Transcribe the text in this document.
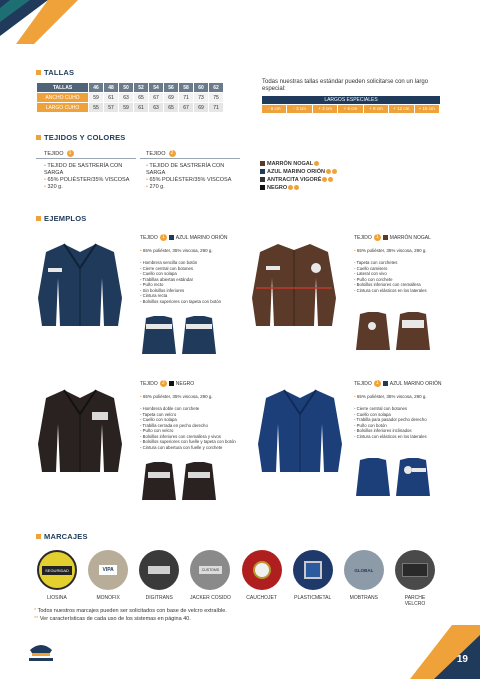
19
TALLAS
TALLAS	46	48	50	52	54	56	58	60	62
ANCHO CUHO	59	61	63	65	67	69	71	73	75
LARGO CUHO	55	57	59	61	63	65	67	69	71
Todas nuestras tallas estándar pueden solicitarse con un largo especial:
LARGOS ESPECIALES
- 6 cm	- 3 cm	+ 3 cm	+ 6 cm	+ 9 cm	+ 12 cm	+ 15 cm
TEJIDOS Y COLORES
TEJIDO	1
• TEJIDO DE SASTRERÍA CON SARGA
• 65% POLIÉSTER/35% VISCOSA
• 320 g.
TEJIDO	2
• TEJIDO DE SASTRERÍA CON SARGA
• 65% POLIÉSTER/35% VISCOSA
• 270 g.
MARRÓN NOGAL
AZUL MARINO ORIÓN
ANTRACITA VIGORÉ
NEGRO
EJEMPLOS
TEJIDO 1	AZUL MARINO ORIÓN
• 65% poliéster, 35% viscosa, 290 g.
- Hombrera sencilla con botón
- Cierre central con botones
- Cuello con solapa
- Trabillas abiertas estándar
- Puño recto
- Sin bolsillos inferiores
- Cintura recta
- Bolsillos superiores con tapeta con botón
TEJIDO 1	MARRÓN NOGAL
• 65% poliéster, 35% viscosa, 290 g.
- Tapeta con corchetes
- Cuello camisero
- Lateral con vivo
- Puño con corchete
- Bolsillos inferiores con cremallera
- Cintura con elásticos en los laterales
TEJIDO 2	NEGRO
• 65% poliéster, 35% viscosa, 290 g.
- Hombrera doble con corchete
- Tapeta con velcro
- Cuello con solapa
- Trabilla cerrada en pecho derecho
- Puño con velcro
- Bolsillos inferiores con cremallera y vivos
- Bolsillos superiores con fuelle y tapeta con botón
- Cintura con abertura con fuelle y corchete
TEJIDO 1	AZUL MARINO ORIÓN
• 65% poliéster, 35% viscosa, 290 g.
- Cierre central con botones
- Cuello con solapa
- Trabilla para pasador pecho derecho
- Puño con botón
- Bolsillos inferiores inclinados
- Cintura con elásticos en los laterales
MARCAJES
SEGURIDAD
LIOSINA
VIPA
MONOFIX	DIGITRANS
CUSTOMS
JACKER COSIDO	CAUCHOJET	PLASTICMETAL
GLOBAL
MOBTRANS	PARCHE VELCRO
* Todos nuestros marcajes pueden ser solicitados con base de velcro extraíble.
** Ver características de cada uso de los sistemas en página 40.
